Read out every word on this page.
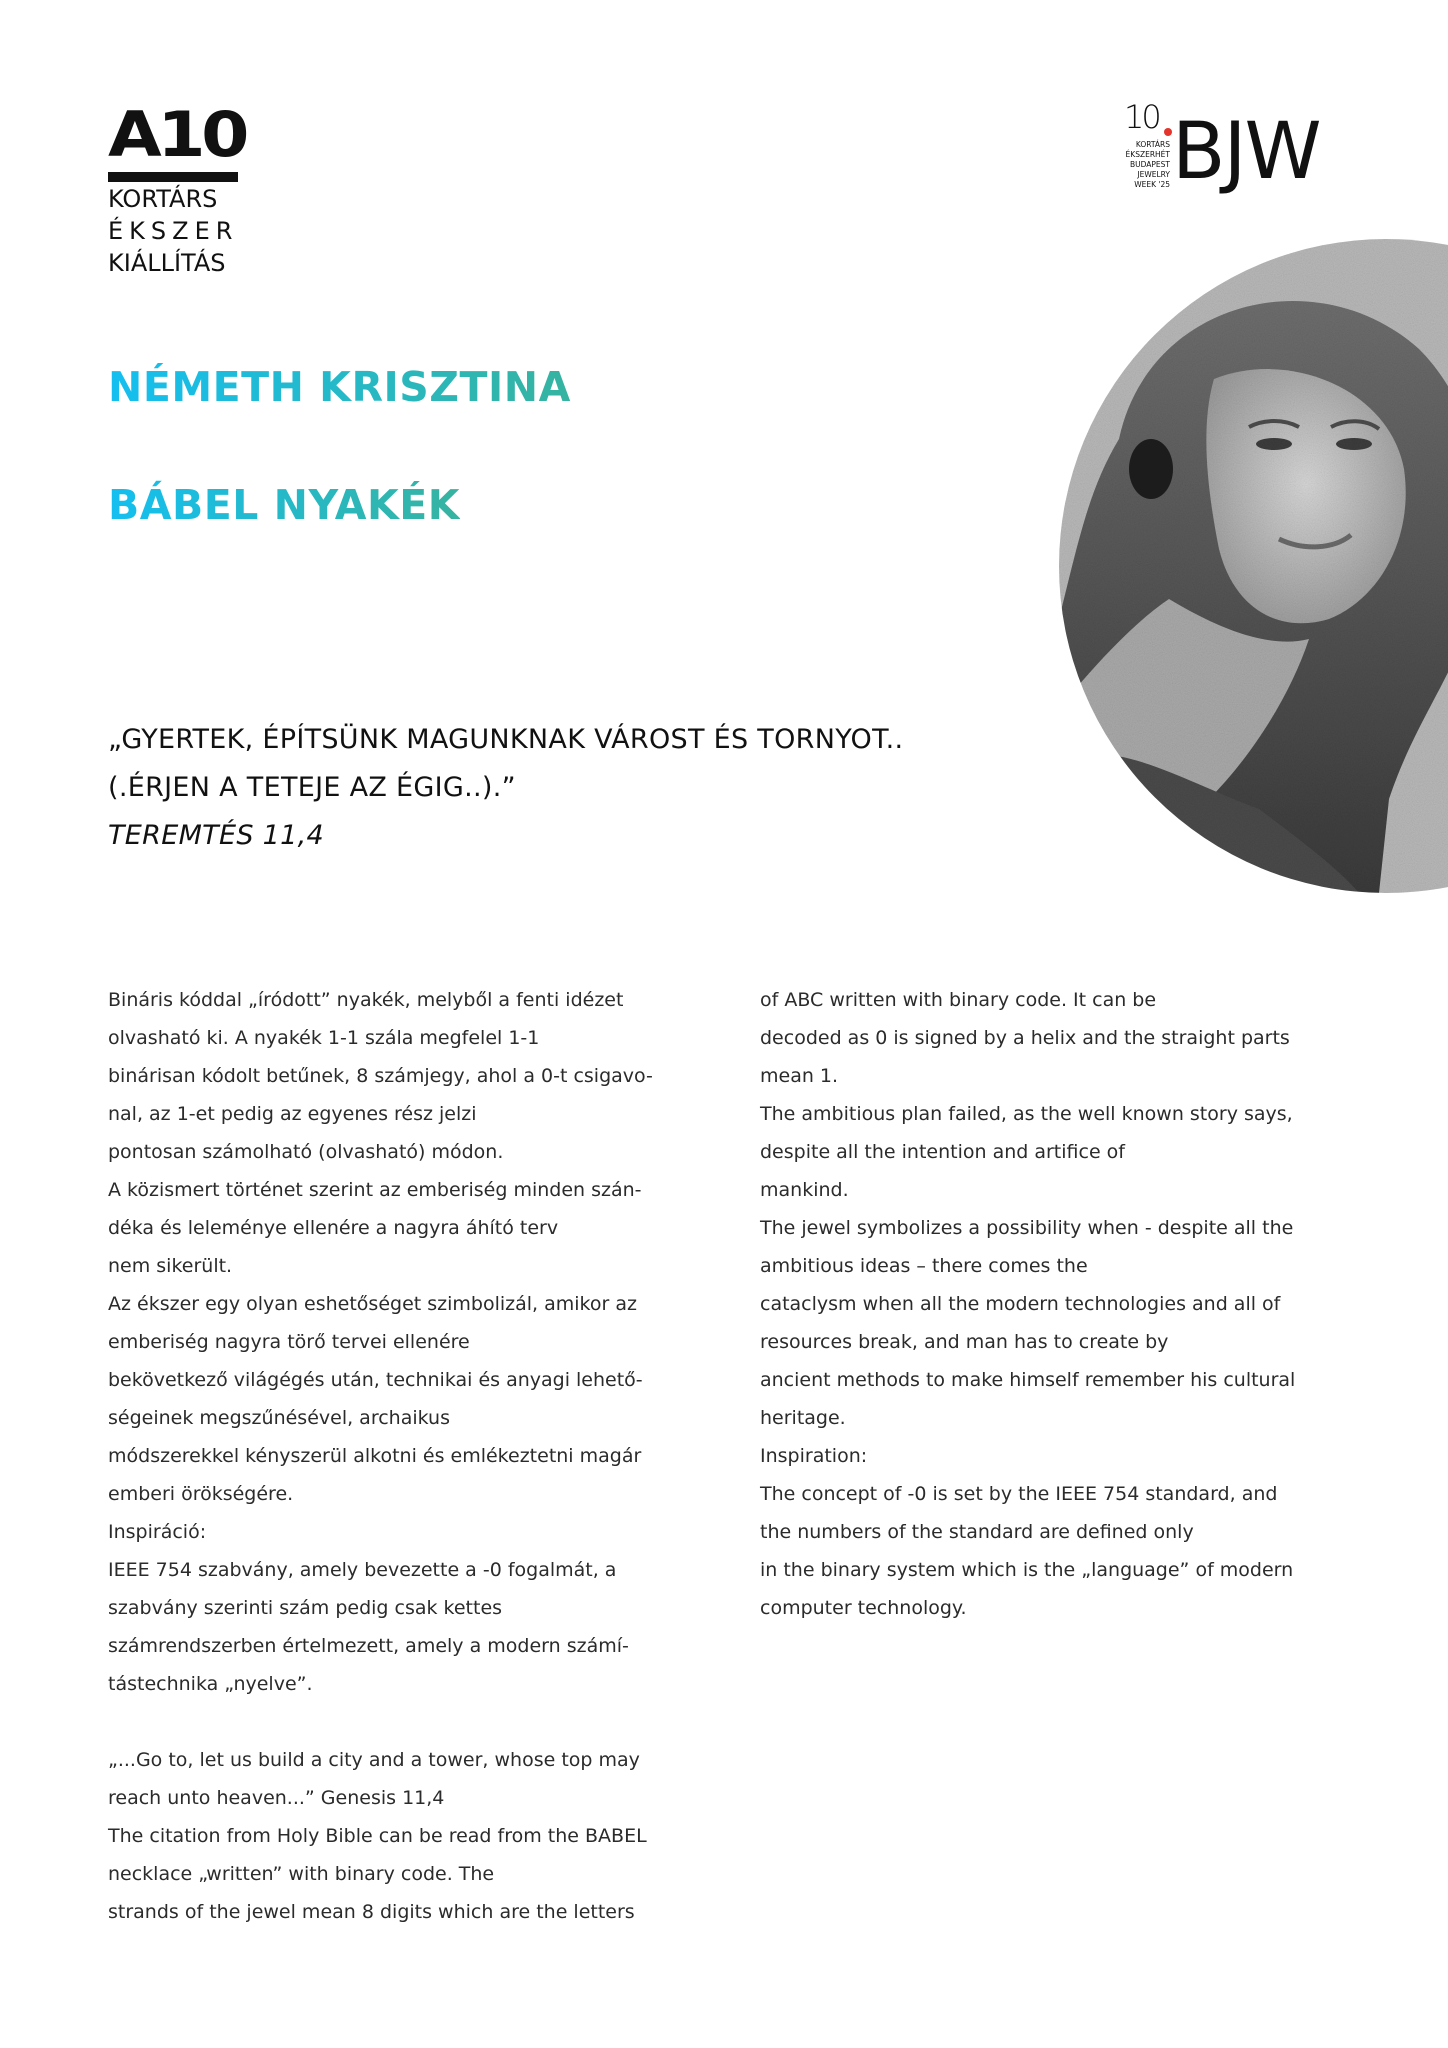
A10
KORTÁRS
ÉKSZER
KIÁLLÍTÁS
10
KORTÁRS
ÉKSZERHÉT
BUDAPEST
JEWELRY
WEEK '25 BJW
NÉMETH KRISZTINA
BÁBEL NYAKÉK
„GYERTEK, ÉPÍTSÜNK MAGUNKNAK VÁROST ÉS TORNYOT..
(.ÉRJEN A TETEJE AZ ÉGIG..).”
TEREMTÉS 11,4
Bináris kóddal „íródott” nyakék, melyből a fenti idézet
olvasható ki. A nyakék 1-1 szála megfelel 1-1
binárisan kódolt betűnek, 8 számjegy, ahol a 0-t csigavo-
nal, az 1-et pedig az egyenes rész jelzi
pontosan számolható (olvasható) módon.
A közismert történet szerint az emberiség minden szán-
déka és leleménye ellenére a nagyra áhító terv
nem sikerült.
Az ékszer egy olyan eshetőséget szimbolizál, amikor az
emberiség nagyra törő tervei ellenére
bekövetkező világégés után, technikai és anyagi lehető-
ségeinek megszűnésével, archaikus
módszerekkel kényszerül alkotni és emlékeztetni magár
emberi örökségére.
Inspiráció:
IEEE 754 szabvány, amely bevezette a -0 fogalmát, a
szabvány szerinti szám pedig csak kettes
számrendszerben értelmezett, amely a modern számí-
tástechnika „nyelve”.
„...Go to, let us build a city and a tower, whose top may
reach unto heaven...” Genesis 11,4
The citation from Holy Bible can be read from the BABEL
necklace „written” with binary code. The
strands of the jewel mean 8 digits which are the letters
of ABC written with binary code. It can be
decoded as 0 is signed by a helix and the straight parts
mean 1.
The ambitious plan failed, as the well known story says,
despite all the intention and artifice of
mankind.
The jewel symbolizes a possibility when - despite all the
ambitious ideas – there comes the
cataclysm when all the modern technologies and all of
resources break, and man has to create by
ancient methods to make himself remember his cultural
heritage.
Inspiration:
The concept of -0 is set by the IEEE 754 standard, and
the numbers of the standard are defined only
in the binary system which is the „language” of modern
computer technology.
